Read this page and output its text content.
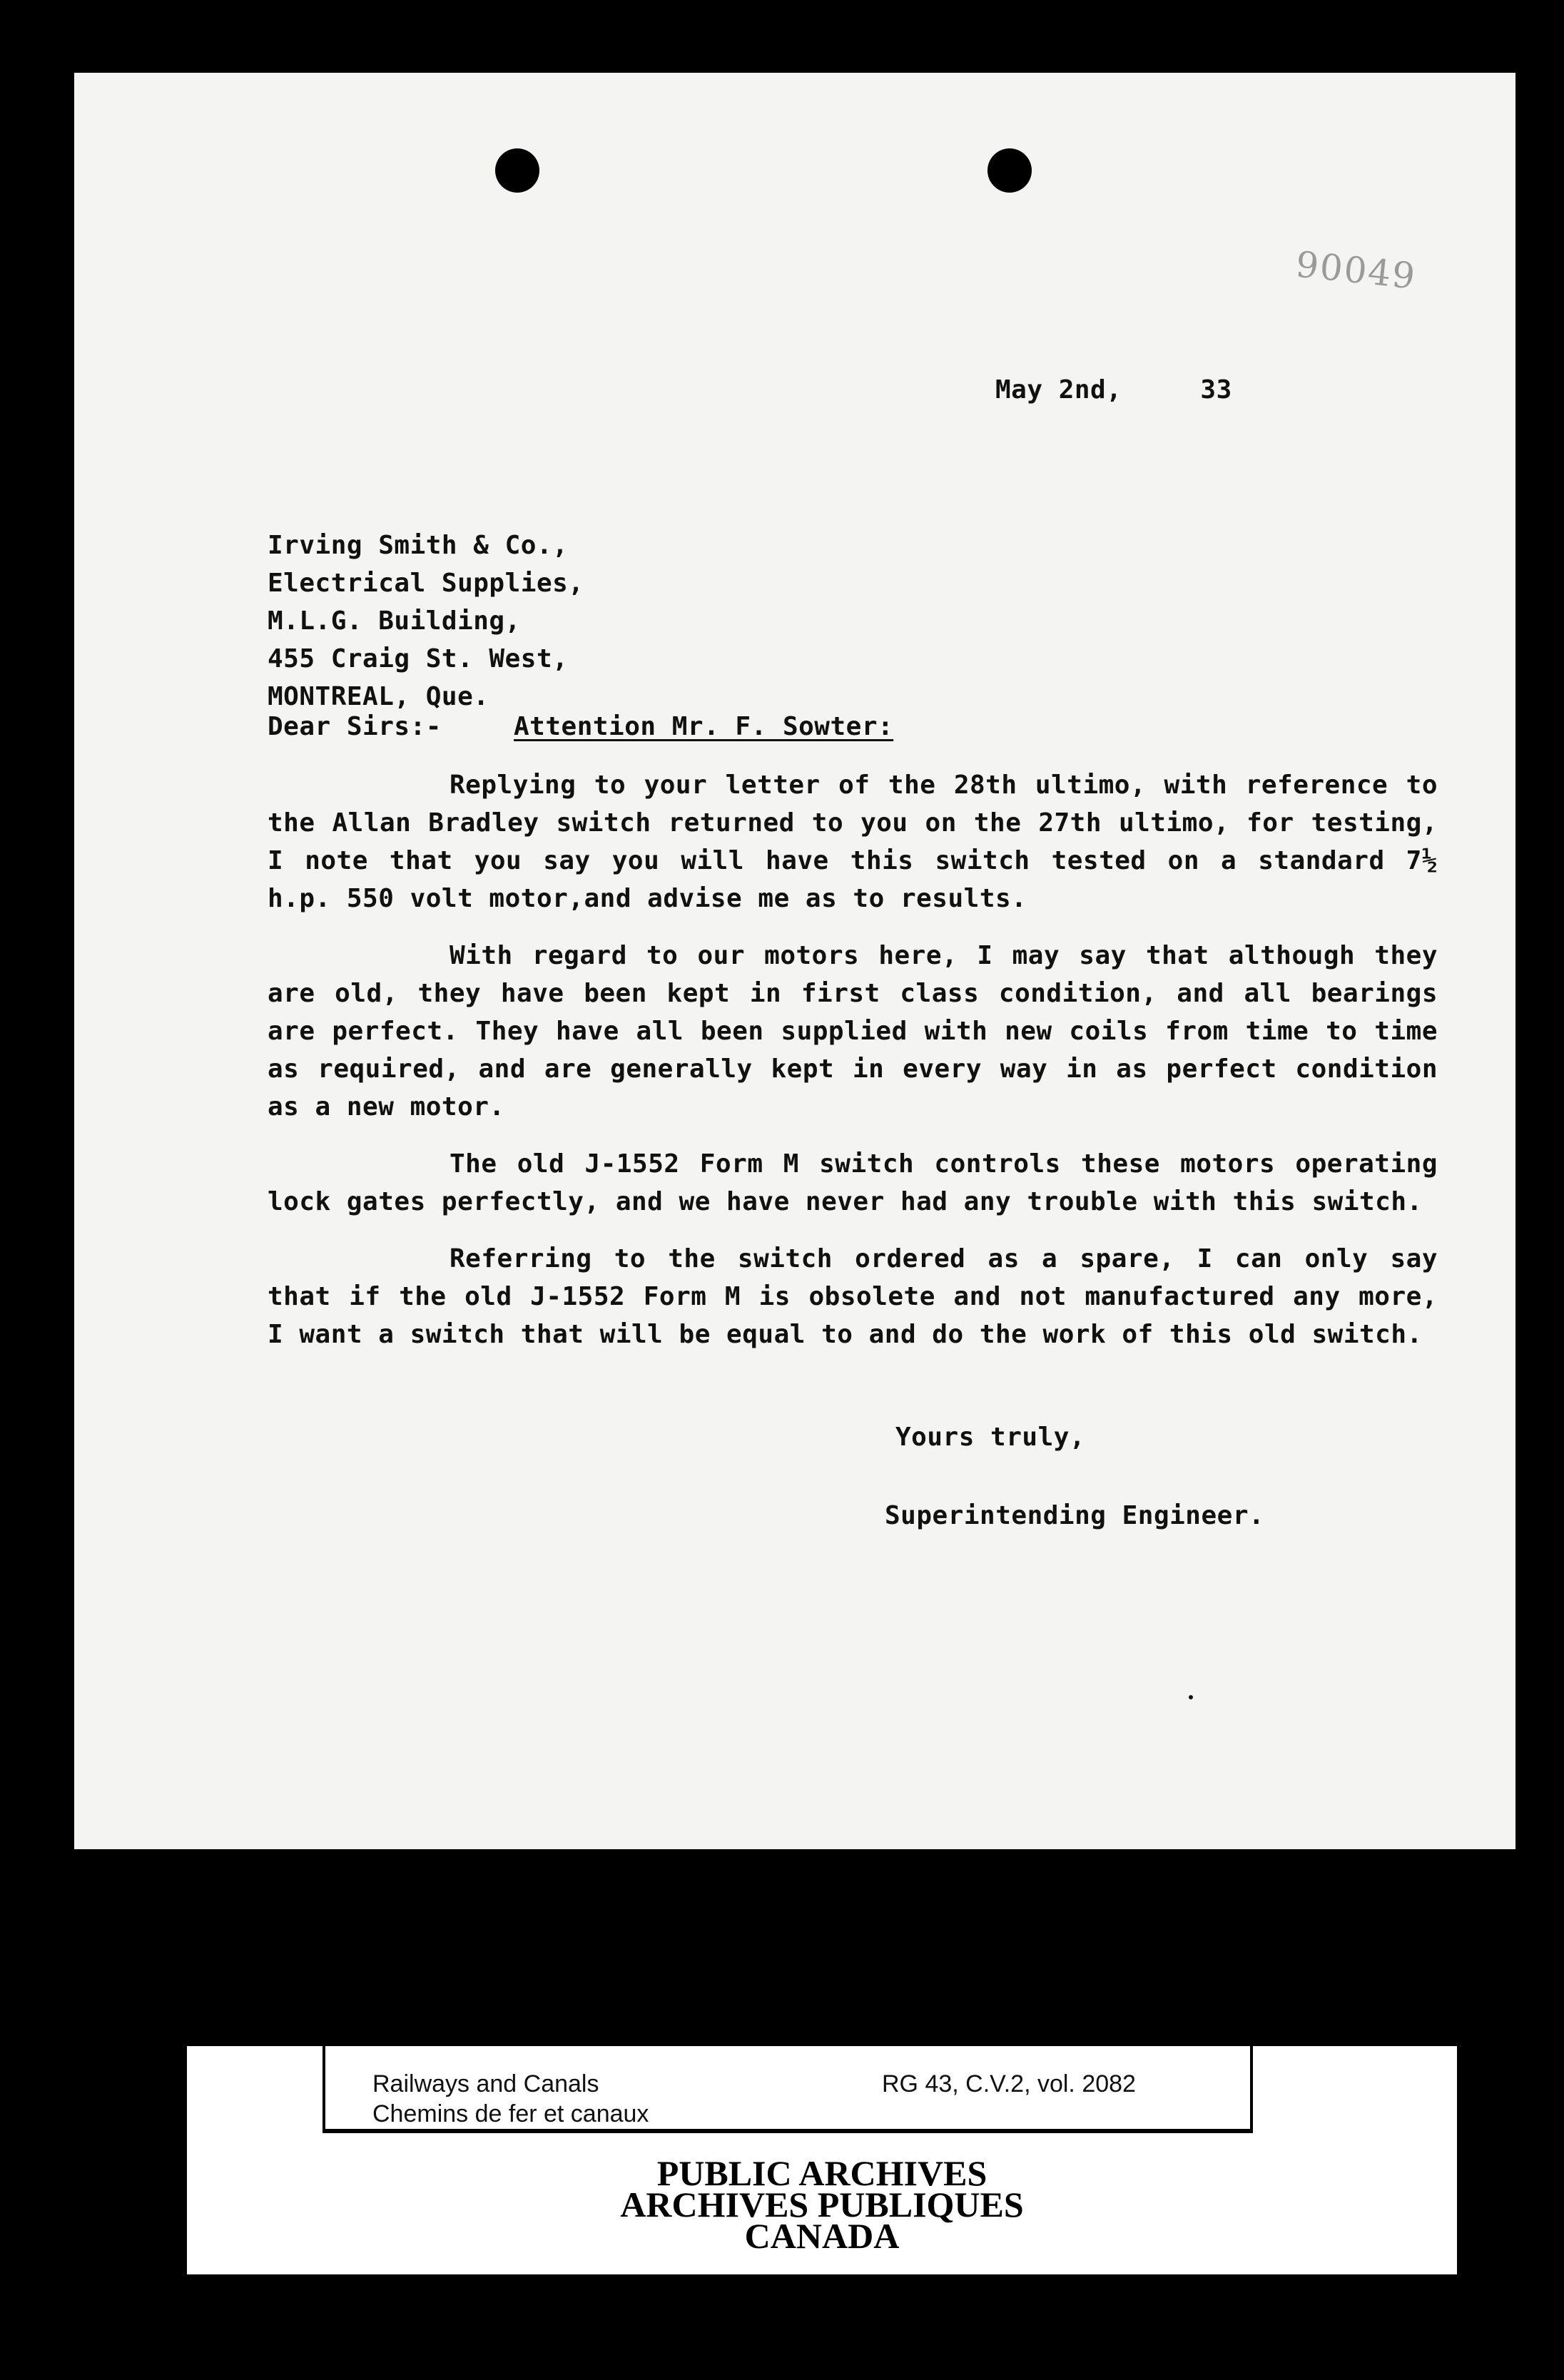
90049
May 2nd,	33
Irving Smith & Co.,
Electrical Supplies,
M.L.G. Building,
455 Craig St. West,
MONTREAL, Que.
Dear Sirs:-	Attention Mr. F. Sowter:

Replying to your letter of the 28th ultimo, with reference to the Allan Bradley switch returned to you on the 27th ultimo, for testing, I note that you say you will have this switch tested on a standard 7½ h.p. 550 volt motor,and advise me as to results.

With regard to our motors here, I may say that although they are old, they have been kept in first class condition, and all bearings are perfect. They have all been supplied with new coils from time to time as required, and are generally kept in every way in as perfect condition as a new motor.

The old J-1552 Form M switch controls these motors operating lock gates perfectly, and we have never had any trouble with this switch.

Referring to the switch ordered as a spare, I can only say that if the old J-1552 Form M is obsolete and not manufactured any more, I want a switch that will be equal to and do the work of this old switch.

Yours truly,
Superintending Engineer.
Railways and Canals
Chemins de fer et canaux
RG 43, C.V.2, vol. 2082
PUBLIC ARCHIVES
ARCHIVES PUBLIQUES
CANADA
